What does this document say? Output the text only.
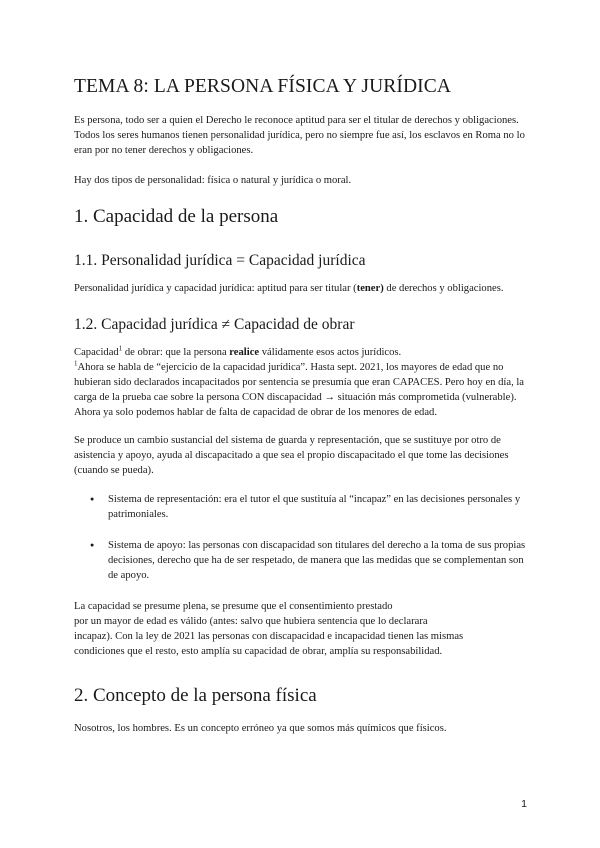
TEMA 8: LA PERSONA FÍSICA Y JURÍDICA

Es persona, todo ser a quien el Derecho le reconoce aptitud para ser el titular de derechos y obligaciones. Todos los seres humanos tienen personalidad jurídica, pero no siempre fue así, los esclavos en Roma no lo eran por no tener derechos y obligaciones.

Hay dos tipos de personalidad: física o natural y jurídica o moral.

1. Capacidad de la persona
1.1. Personalidad jurídica = Capacidad jurídica

Personalidad jurídica y capacidad jurídica: aptitud para ser titular (tener) de derechos y obligaciones.

1.2. Capacidad jurídica ≠ Capacidad de obrar

Capacidad$^1$ de obrar: que la persona realice válidamente esos actos jurídicos.

$^1$Ahora se habla de “ejercicio de la capacidad jurídica”. Hasta sept. 2021, los mayores de edad que no hubieran sido declarados incapacitados por sentencia se presumía que eran CAPACES. Pero hoy en día, la carga de la prueba cae sobre la persona CON discapacidad → situación más comprometida (vulnerable).

Ahora ya solo podemos hablar de falta de capacidad de obrar de los menores de edad.

Se produce un cambio sustancial del sistema de guarda y representación, que se sustituye por otro de asistencia y apoyo, ayuda al discapacitado a que sea el propio discapacitado el que tome las decisiones (cuando se pueda).

● Sistema de representación: era el tutor el que sustituía al “incapaz” en las decisiones personales y patrimoniales.
● Sistema de apoyo: las personas con discapacidad son titulares del derecho a la toma de sus propias decisiones, derecho que ha de ser respetado, de manera que las medidas que se complementan son de apoyo.

La capacidad se presume plena, se presume que el consentimiento prestado
por un mayor de edad es válido (antes: salvo que hubiera sentencia que lo declarara
incapaz). Con la ley de 2021 las personas con discapacidad e incapacidad tienen las mismas
condiciones que el resto, esto amplía su capacidad de obrar, amplía su responsabilidad.

2. Concepto de la persona física

Nosotros, los hombres. Es un concepto erróneo ya que somos más químicos que físicos.

1
